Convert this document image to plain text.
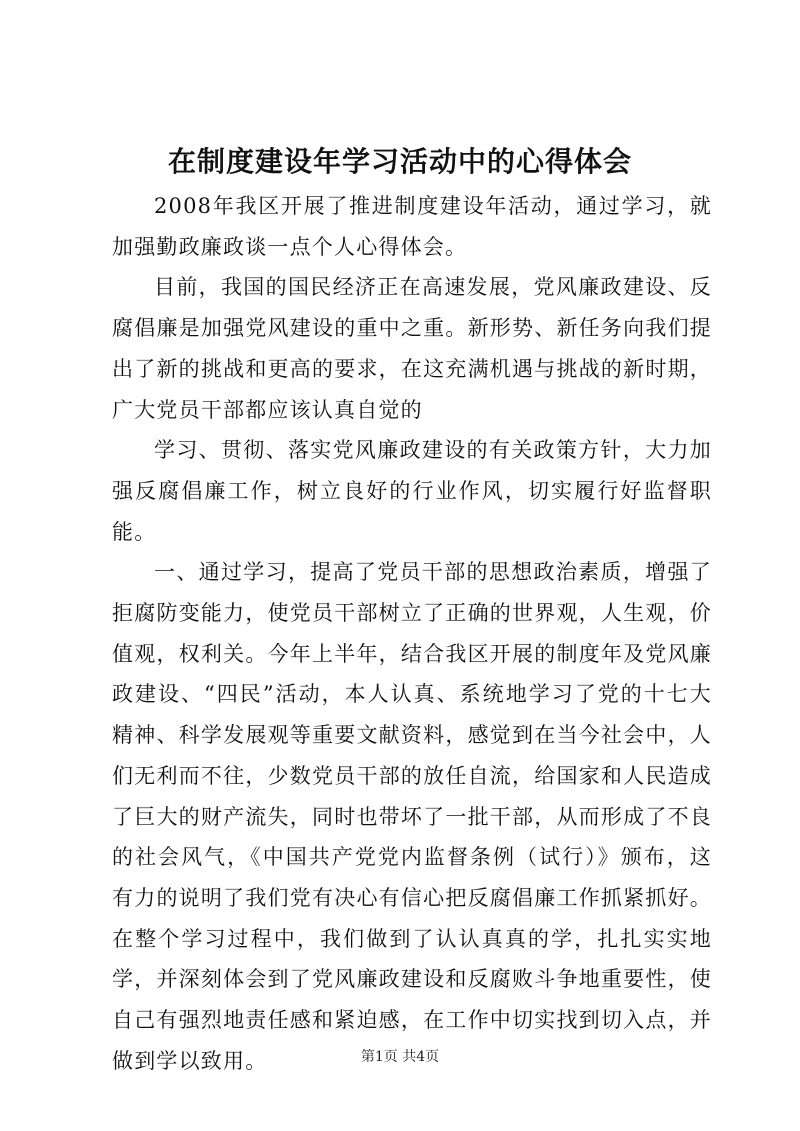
在制度建设年学习活动中的心得体会

2008年我区开展了推进制度建设年活动，通过学习，就加强勤政廉政谈一点个人心得体会。

目前，我国的国民经济正在高速发展，党风廉政建设、反腐倡廉是加强党风建设的重中之重。新形势、新任务向我们提出了新的挑战和更高的要求，在这充满机遇与挑战的新时期，广大党员干部都应该认真自觉的

学习、贯彻、落实党风廉政建设的有关政策方针，大力加强反腐倡廉工作，树立良好的行业作风，切实履行好监督职能。

一、通过学习，提高了党员干部的思想政治素质，增强了拒腐防变能力，使党员干部树立了正确的世界观，人生观，价值观，权利关。今年上半年，结合我区开展的制度年及党风廉政建设、“四民”活动，本人认真、系统地学习了党的十七大精神、科学发展观等重要文献资料，感觉到在当今社会中，人们无利而不往，少数党员干部的放任自流，给国家和人民造成了巨大的财产流失，同时也带坏了一批干部，从而形成了不良的社会风气，《中国共产党党内监督条例（试行）》颁布，这有力的说明了我们党有决心有信心把反腐倡廉工作抓紧抓好。在整个学习过程中，我们做到了认认真真的学，扎扎实实地学，并深刻体会到了党风廉政建设和反腐败斗争地重要性，使自己有强烈地责任感和紧迫感，在工作中切实找到切入点，并做到学以致用。	第1页 共4页
